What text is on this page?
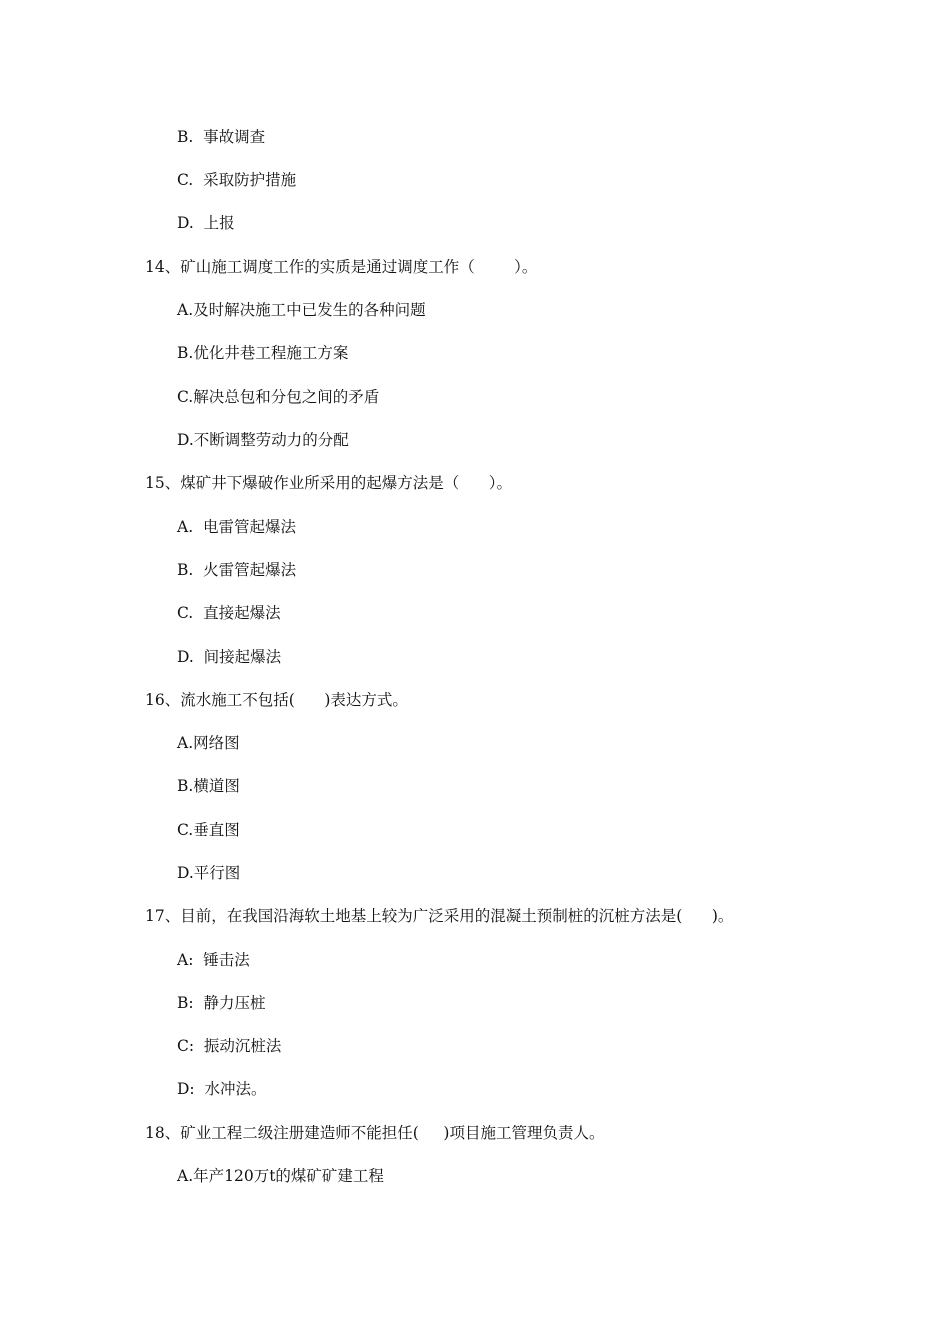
B.  事故调查
C.  采取防护措施
D.  上报
14、矿山施工调度工作的实质是通过调度工作（        ）。
A.及时解决施工中已发生的各种问题
B.优化井巷工程施工方案
C.解决总包和分包之间的矛盾
D.不断调整劳动力的分配
15、煤矿井下爆破作业所采用的起爆方法是（      ）。
A.  电雷管起爆法
B.  火雷管起爆法
C.  直接起爆法
D.  间接起爆法
16、流水施工不包括(      )表达方式。
A.网络图
B.横道图
C.垂直图
D.平行图
17、目前，在我国沿海软土地基上较为广泛采用的混凝土预制桩的沉桩方法是(      )。
A:  锤击法
B:  静力压桩
C:  振动沉桩法
D:  水冲法。
18、矿业工程二级注册建造师不能担任(     )项目施工管理负责人。
A.年产120万t的煤矿矿建工程
